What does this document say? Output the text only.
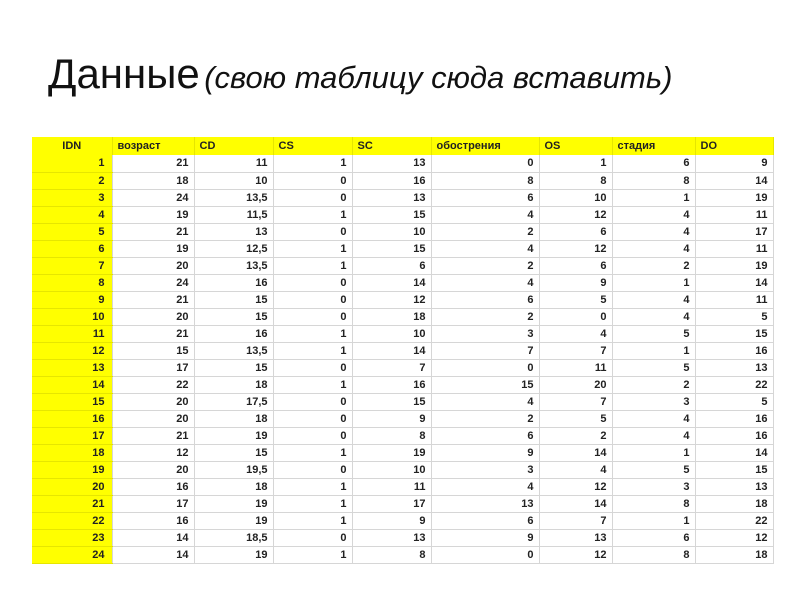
Данные (свою таблицу сюда вставить)
IDN	возраст	CD	CS	SC	обострения	OS	стадия	DO
1	21	11	1	13	0	1	6	9
2	18	10	0	16	8	8	8	14
3	24	13,5	0	13	6	10	1	19
4	19	11,5	1	15	4	12	4	11
5	21	13	0	10	2	6	4	17
6	19	12,5	1	15	4	12	4	11
7	20	13,5	1	6	2	6	2	19
8	24	16	0	14	4	9	1	14
9	21	15	0	12	6	5	4	11
10	20	15	0	18	2	0	4	5
11	21	16	1	10	3	4	5	15
12	15	13,5	1	14	7	7	1	16
13	17	15	0	7	0	11	5	13
14	22	18	1	16	15	20	2	22
15	20	17,5	0	15	4	7	3	5
16	20	18	0	9	2	5	4	16
17	21	19	0	8	6	2	4	16
18	12	15	1	19	9	14	1	14
19	20	19,5	0	10	3	4	5	15
20	16	18	1	11	4	12	3	13
21	17	19	1	17	13	14	8	18
22	16	19	1	9	6	7	1	22
23	14	18,5	0	13	9	13	6	12
24	14	19	1	8	0	12	8	18
